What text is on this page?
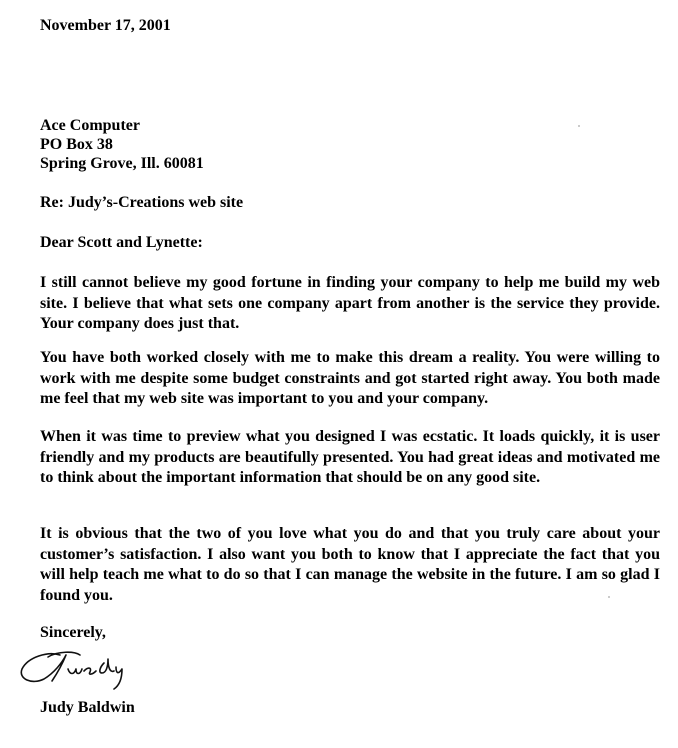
November 17, 2001
Ace Computer
PO Box 38
Spring Grove, Ill. 60081
Re: Judy’s-Creations web site
Dear Scott and Lynette:
I still cannot believe my good fortune in finding your company to help me build my web site. I believe that what sets one company apart from another is the service they provide. Your company does just that.
You have both worked closely with me to make this dream a reality. You were willing to work with me despite some budget constraints and got started right away. You both made me feel that my web site was important to you and your company.
When it was time to preview what you designed I was ecstatic. It loads quickly, it is user friendly and my products are beautifully presented. You had great ideas and motivated me to think about the important information that should be on any good site.
It is obvious that the two of you love what you do and that you truly care about your customer’s satisfaction. I also want you both to know that I appreciate the fact that you will help teach me what to do so that I can manage the website in the future. I am so glad I found you.
Sincerely,
Judy Baldwin
